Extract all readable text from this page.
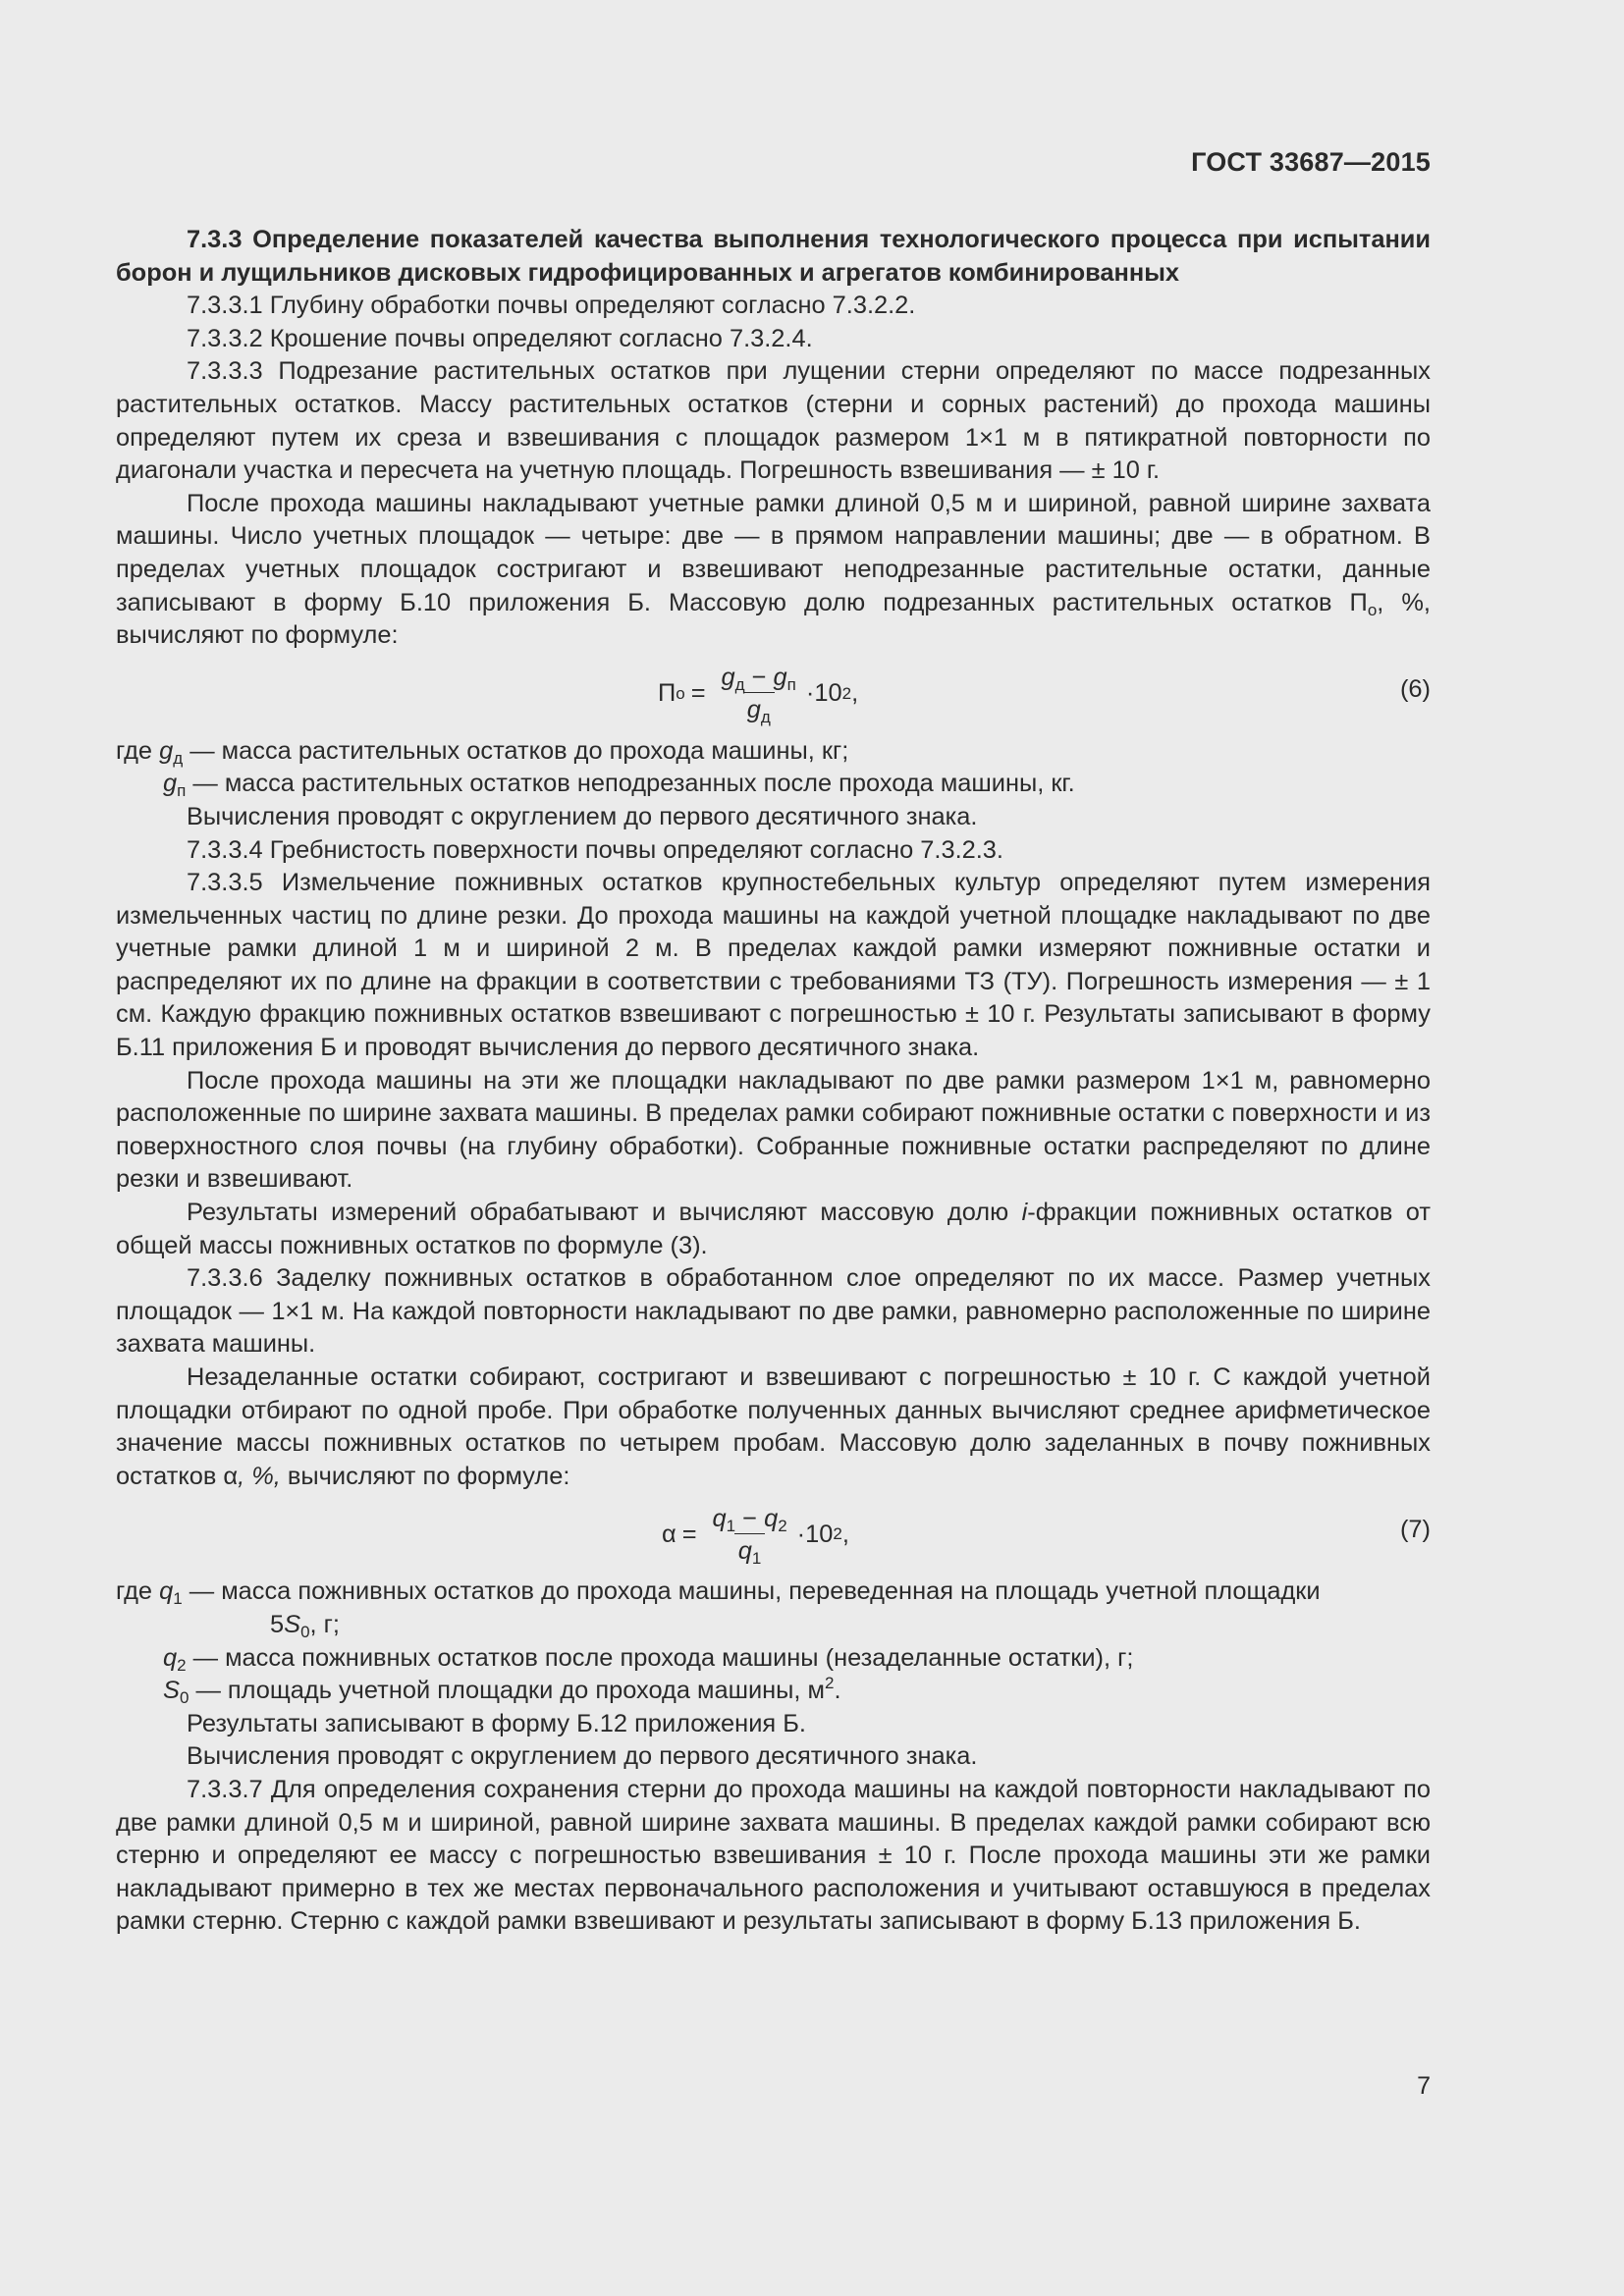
ГОСТ 33687—2015

7.3.3 Определение показателей качества выполнения технологического процесса при испытании борон и лущильников дисковых гидрофицированных и агрегатов комбинированных

7.3.3.1 Глубину обработки почвы определяют согласно 7.3.2.2.

7.3.3.2 Крошение почвы определяют согласно 7.3.2.4.

7.3.3.3 Подрезание растительных остатков при лущении стерни определяют по массе подрезанных растительных остатков. Массу растительных остатков (стерни и сорных растений) до прохода машины определяют путем их среза и взвешивания с площадок размером 1×1 м в пятикратной повторности по диагонали участка и пересчета на учетную площадь. Погрешность взвешивания — ± 10 г.

После прохода машины накладывают учетные рамки длиной 0,5 м и шириной, равной ширине захвата машины. Число учетных площадок — четыре: две — в прямом направлении машины; две — в обратном. В пределах учетных площадок состригают и взвешивают неподрезанные растительные остатки, данные записывают в форму Б.10 приложения Б. Массовую долю подрезанных растительных остатков $П_о$, %, вычисляют по формуле:

П $о = \frac{g_д - g_п}{g_д} \cdot 10$ 2 ,	(6)

где $g_д$ — масса растительных остатков до прохода машины, кг;

$g_п$ — масса растительных остатков неподрезанных после прохода машины, кг.

Вычисления проводят с округлением до первого десятичного знака.

7.3.3.4 Гребнистость поверхности почвы определяют согласно 7.3.2.3.

7.3.3.5 Измельчение пожнивных остатков крупностебельных культур определяют путем измерения измельченных частиц по длине резки. До прохода машины на каждой учетной площадке накладывают по две учетные рамки длиной 1 м и шириной 2 м. В пределах каждой рамки измеряют пожнивные остатки и распределяют их по длине на фракции в соответствии с требованиями ТЗ (ТУ). Погрешность измерения — ± 1 см. Каждую фракцию пожнивных остатков взвешивают с погрешностью ± 10 г. Результаты записывают в форму Б.11 приложения Б и проводят вычисления до первого десятичного знака.

После прохода машины на эти же площадки накладывают по две рамки размером 1×1 м, равномерно расположенные по ширине захвата машины. В пределах рамки собирают пожнивные остатки с поверхности и из поверхностного слоя почвы (на глубину обработки). Собранные пожнивные остатки распределяют по длине резки и взвешивают.

Результаты измерений обрабатывают и вычисляют массовую долю i-фракции пожнивных остатков от общей массы пожнивных остатков по формуле (3).

7.3.3.6 Заделку пожнивных остатков в обработанном слое определяют по их массе. Размер учетных площадок — 1×1 м. На каждой повторности накладывают по две рамки, равномерно расположенные по ширине захвата машины.

Незаделанные остатки собирают, состригают и взвешивают с погрешностью ± 10 г. С каждой учетной площадки отбирают по одной пробе. При обработке полученных данных вычисляют среднее арифметическое значение массы пожнивных остатков по четырем пробам. Массовую долю заделанных в почву пожнивных остатков α, %, вычисляют по формуле:

$\alpha = \frac{q_1 - q_2}{q_1} \cdot 10$ 2 ,	(7)

где $q_1$ — масса пожнивных остатков до прохода машины, переведенная на площадь учетной площадки

$5S_0$, г;

$q_2$ — масса пожнивных остатков после прохода машины (незаделанные остатки), г;

$S_0$ — площадь учетной площадки до прохода машины, $м^2$.

Результаты записывают в форму Б.12 приложения Б.

Вычисления проводят с округлением до первого десятичного знака.

7.3.3.7 Для определения сохранения стерни до прохода машины на каждой повторности накладывают по две рамки длиной 0,5 м и шириной, равной ширине захвата машины. В пределах каждой рамки собирают всю стерню и определяют ее массу с погрешностью взвешивания ± 10 г. После прохода машины эти же рамки накладывают примерно в тех же местах первоначального расположения и учитывают оставшуюся в пределах рамки стерню. Стерню с каждой рамки взвешивают и результаты записывают в форму Б.13 приложения Б.

7
